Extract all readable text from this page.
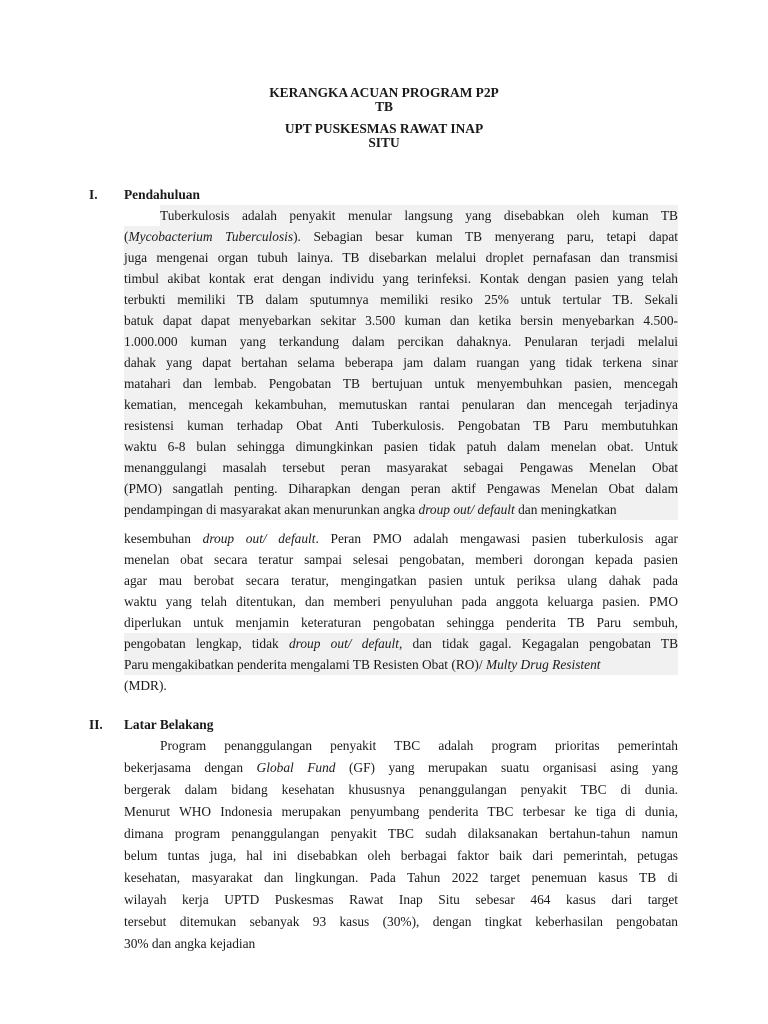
KERANGKA ACUAN PROGRAM P2P
TB
UPT PUSKESMAS RAWAT INAP
SITU
I. Pendahuluan
Tuberkulosis adalah penyakit menular langsung yang disebabkan oleh kuman TB
(Mycobacterium Tuberculosis). Sebagian besar kuman TB menyerang paru, tetapi dapat
juga mengenai organ tubuh lainya. TB disebarkan melalui droplet pernafasan dan transmisi
timbul akibat kontak erat dengan individu yang terinfeksi. Kontak dengan pasien yang telah
terbukti memiliki TB dalam sputumnya memiliki resiko 25% untuk tertular TB. Sekali
batuk dapat dapat menyebarkan sekitar 3.500 kuman dan ketika bersin menyebarkan 4.500-
1.000.000 kuman yang terkandung dalam percikan dahaknya. Penularan terjadi melalui
dahak yang dapat bertahan selama beberapa jam dalam ruangan yang tidak terkena sinar
matahari dan lembab. Pengobatan TB bertujuan untuk menyembuhkan pasien, mencegah
kematian, mencegah kekambuhan, memutuskan rantai penularan dan mencegah terjadinya
resistensi kuman terhadap Obat Anti Tuberkulosis. Pengobatan TB Paru membutuhkan
waktu 6-8 bulan sehingga dimungkinkan pasien tidak patuh dalam menelan obat. Untuk
menanggulangi masalah tersebut peran masyarakat sebagai Pengawas Menelan Obat
(PMO) sangatlah penting. Diharapkan dengan peran aktif Pengawas Menelan Obat dalam
pendampingan di masyarakat akan menurunkan angka droup out/ default dan meningkatkan
kesembuhan droup out/ default. Peran PMO adalah mengawasi pasien tuberkulosis agar
menelan obat secara teratur sampai selesai pengobatan, memberi dorongan kepada pasien
agar mau berobat secara teratur, mengingatkan pasien untuk periksa ulang dahak pada
waktu yang telah ditentukan, dan memberi penyuluhan pada anggota keluarga pasien. PMO
diperlukan untuk menjamin keteraturan pengobatan sehingga penderita TB Paru sembuh,
pengobatan lengkap, tidak droup out/ default, dan tidak gagal. Kegagalan pengobatan TB
Paru mengakibatkan penderita mengalami TB Resisten Obat (RO)/ Multy Drug Resistent
(MDR).
II. Latar Belakang
Program penanggulangan penyakit TBC adalah program prioritas pemerintah
bekerjasama dengan Global Fund (GF) yang merupakan suatu organisasi asing yang
bergerak dalam bidang kesehatan khususnya penanggulangan penyakit TBC di dunia.
Menurut WHO Indonesia merupakan penyumbang penderita TBC terbesar ke tiga di dunia,
dimana program penanggulangan penyakit TBC sudah dilaksanakan bertahun-tahun namun
belum tuntas juga, hal ini disebabkan oleh berbagai faktor baik dari pemerintah, petugas
kesehatan, masyarakat dan lingkungan. Pada Tahun 2022 target penemuan kasus TB di
wilayah kerja UPTD Puskesmas Rawat Inap Situ sebesar 464 kasus dari target
tersebut ditemukan sebanyak 93 kasus (30%), dengan tingkat keberhasilan pengobatan
30% dan angka kejadian
